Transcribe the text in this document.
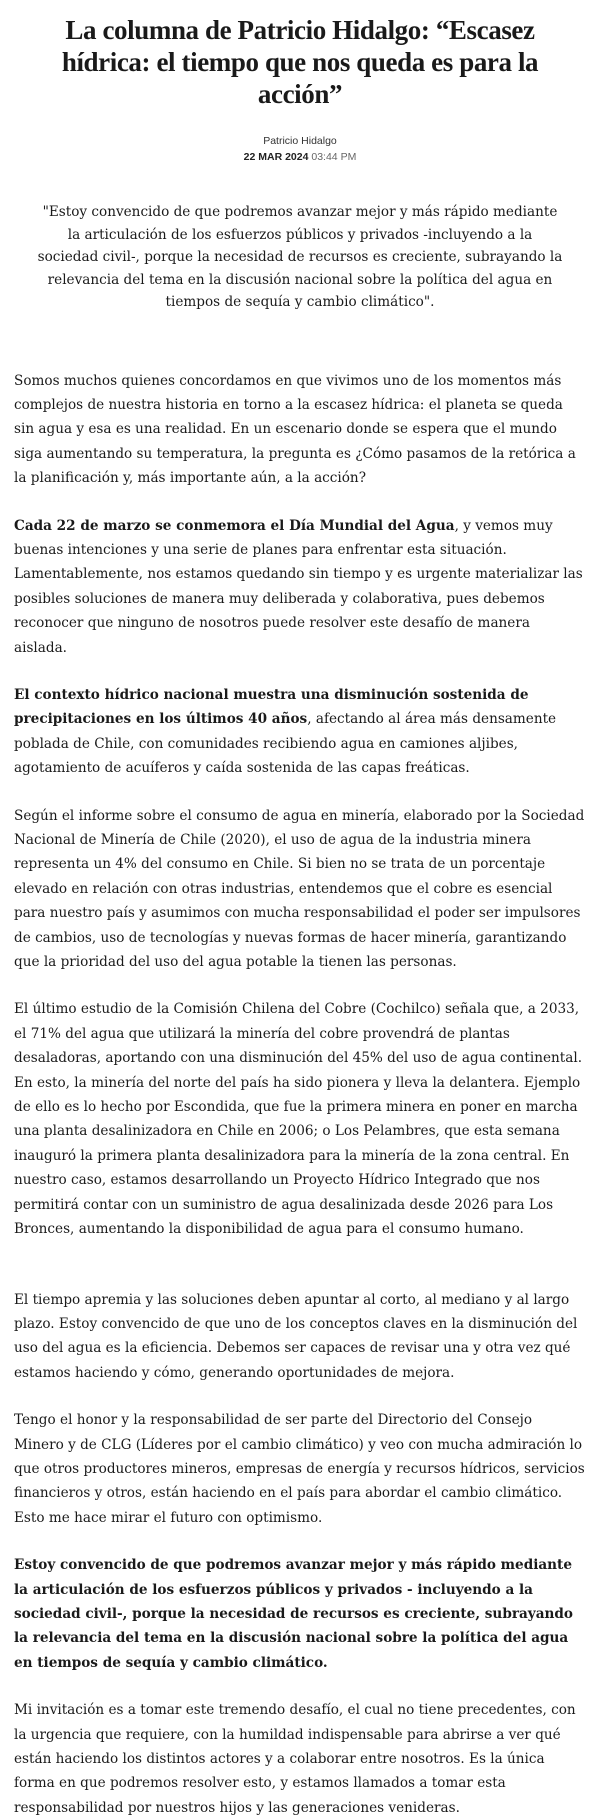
La columna de Patricio Hidalgo: “Escasez hídrica: el tiempo que nos queda es para la acción”
Patricio Hidalgo
22 MAR 2024 03:44 PM

"Estoy convencido de que podremos avanzar mejor y más rápido mediante la articulación de los esfuerzos públicos y privados -incluyendo a la sociedad civil-, porque la necesidad de recursos es creciente, subrayando la relevancia del tema en la discusión nacional sobre la política del agua en tiempos de sequía y cambio climático".

Somos muchos quienes concordamos en que vivimos uno de los momentos más complejos de nuestra historia en torno a la escasez hídrica: el planeta se queda sin agua y esa es una realidad. En un escenario donde se espera que el mundo siga aumentando su temperatura, la pregunta es ¿Cómo pasamos de la retórica a la planificación y, más importante aún, a la acción?

Cada 22 de marzo se conmemora el Día Mundial del Agua, y vemos muy buenas intenciones y una serie de planes para enfrentar esta situación. Lamentablemente, nos estamos quedando sin tiempo y es urgente materializar las posibles soluciones de manera muy deliberada y colaborativa, pues debemos reconocer que ninguno de nosotros puede resolver este desafío de manera aislada.

El contexto hídrico nacional muestra una disminución sostenida de precipitaciones en los últimos 40 años, afectando al área más densamente poblada de Chile, con comunidades recibiendo agua en camiones aljibes, agotamiento de acuíferos y caída sostenida de las capas freáticas.

Según el informe sobre el consumo de agua en minería, elaborado por la Sociedad Nacional de Minería de Chile (2020), el uso de agua de la industria minera representa un 4% del consumo en Chile. Si bien no se trata de un porcentaje elevado en relación con otras industrias, entendemos que el cobre es esencial para nuestro país y asumimos con mucha responsabilidad el poder ser impulsores de cambios, uso de tecnologías y nuevas formas de hacer minería, garantizando que la prioridad del uso del agua potable la tienen las personas.

El último estudio de la Comisión Chilena del Cobre (Cochilco) señala que, a 2033, el 71% del agua que utilizará la minería del cobre provendrá de plantas desaladoras, aportando con una disminución del 45% del uso de agua continental. En esto, la minería del norte del país ha sido pionera y lleva la delantera. Ejemplo de ello es lo hecho por Escondida, que fue la primera minera en poner en marcha una planta desalinizadora en Chile en 2006; o Los Pelambres, que esta semana inauguró la primera planta desalinizadora para la minería de la zona central. En nuestro caso, estamos desarrollando un Proyecto Hídrico Integrado que nos permitirá contar con un suministro de agua desalinizada desde 2026 para Los Bronces, aumentando la disponibilidad de agua para el consumo humano.

El tiempo apremia y las soluciones deben apuntar al corto, al mediano y al largo plazo. Estoy convencido de que uno de los conceptos claves en la disminución del uso del agua es la eficiencia. Debemos ser capaces de revisar una y otra vez qué estamos haciendo y cómo, generando oportunidades de mejora.

Tengo el honor y la responsabilidad de ser parte del Directorio del Consejo Minero y de CLG (Líderes por el cambio climático) y veo con mucha admiración lo que otros productores mineros, empresas de energía y recursos hídricos, servicios financieros y otros, están haciendo en el país para abordar el cambio climático. Esto me hace mirar el futuro con optimismo.

Estoy convencido de que podremos avanzar mejor y más rápido mediante la articulación de los esfuerzos públicos y privados - incluyendo a la sociedad civil-, porque la necesidad de recursos es creciente, subrayando la relevancia del tema en la discusión nacional sobre la política del agua en tiempos de sequía y cambio climático.

Mi invitación es a tomar este tremendo desafío, el cual no tiene precedentes, con la urgencia que requiere, con la humildad indispensable para abrirse a ver qué están haciendo los distintos actores y a colaborar entre nosotros. Es la única forma en que podremos resolver esto, y estamos llamados a tomar esta responsabilidad por nuestros hijos y las generaciones venideras.
